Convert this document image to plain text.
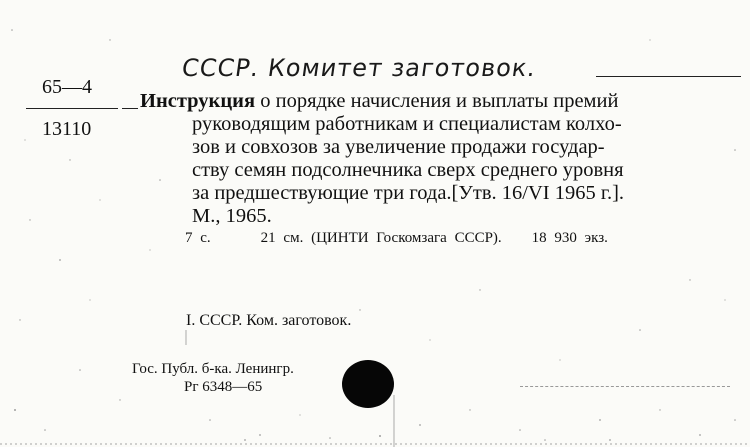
СССР. Комитет заготовок.
65—4
13110
Инструкция о порядке начисления и выплаты премий
руководящим работникам и специалистам колхо-
зов и совхозов за увеличение продажи государ-
ству семян подсолнечника сверх среднего уровня
за предшествующие три года.[Утв. 16/VI 1965 г.].
М., 1965.
7 с.	21 см. (ЦИНТИ Госкомзага СССР). 18 930 экз.
I. СССР. Ком. заготовок.
Гос. Публ. б-ка. Ленингр.
Рг 6348—65
